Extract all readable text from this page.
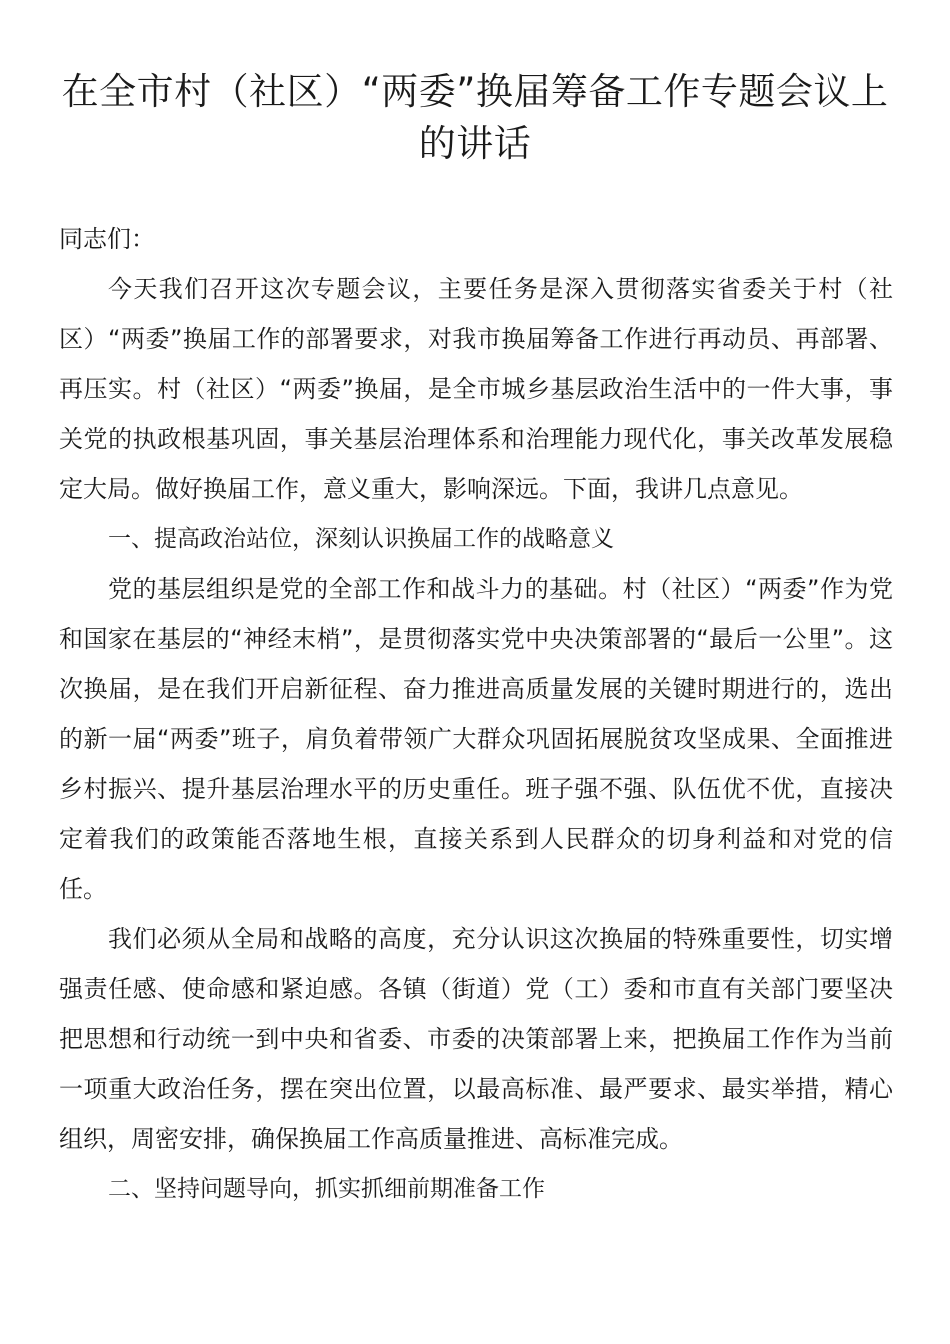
在全市村（社区）“两委”换届筹备工作专题会议上的讲话

同志们：

今天我们召开这次专题会议，主要任务是深入贯彻落实省委关于村（社区）“两委”换届工作的部署要求，对我市换届筹备工作进行再动员、再部署、再压实。村（社区）“两委”换届，是全市城乡基层政治生活中的一件大事，事关党的执政根基巩固，事关基层治理体系和治理能力现代化，事关改革发展稳定大局。做好换届工作，意义重大，影响深远。下面，我讲几点意见。

一、提高政治站位，深刻认识换届工作的战略意义

党的基层组织是党的全部工作和战斗力的基础。村（社区）“两委”作为党和国家在基层的“神经末梢”，是贯彻落实党中央决策部署的“最后一公里”。这次换届，是在我们开启新征程、奋力推进高质量发展的关键时期进行的，选出的新一届“两委”班子，肩负着带领广大群众巩固拓展脱贫攻坚成果、全面推进乡村振兴、提升基层治理水平的历史重任。班子强不强、队伍优不优，直接决定着我们的政策能否落地生根，直接关系到人民群众的切身利益和对党的信任。

我们必须从全局和战略的高度，充分认识这次换届的特殊重要性，切实增强责任感、使命感和紧迫感。各镇（街道）党（工）委和市直有关部门要坚决把思想和行动统一到中央和省委、市委的决策部署上来，把换届工作作为当前一项重大政治任务，摆在突出位置，以最高标准、最严要求、最实举措，精心组织，周密安排，确保换届工作高质量推进、高标准完成。

二、坚持问题导向，抓实抓细前期准备工作
